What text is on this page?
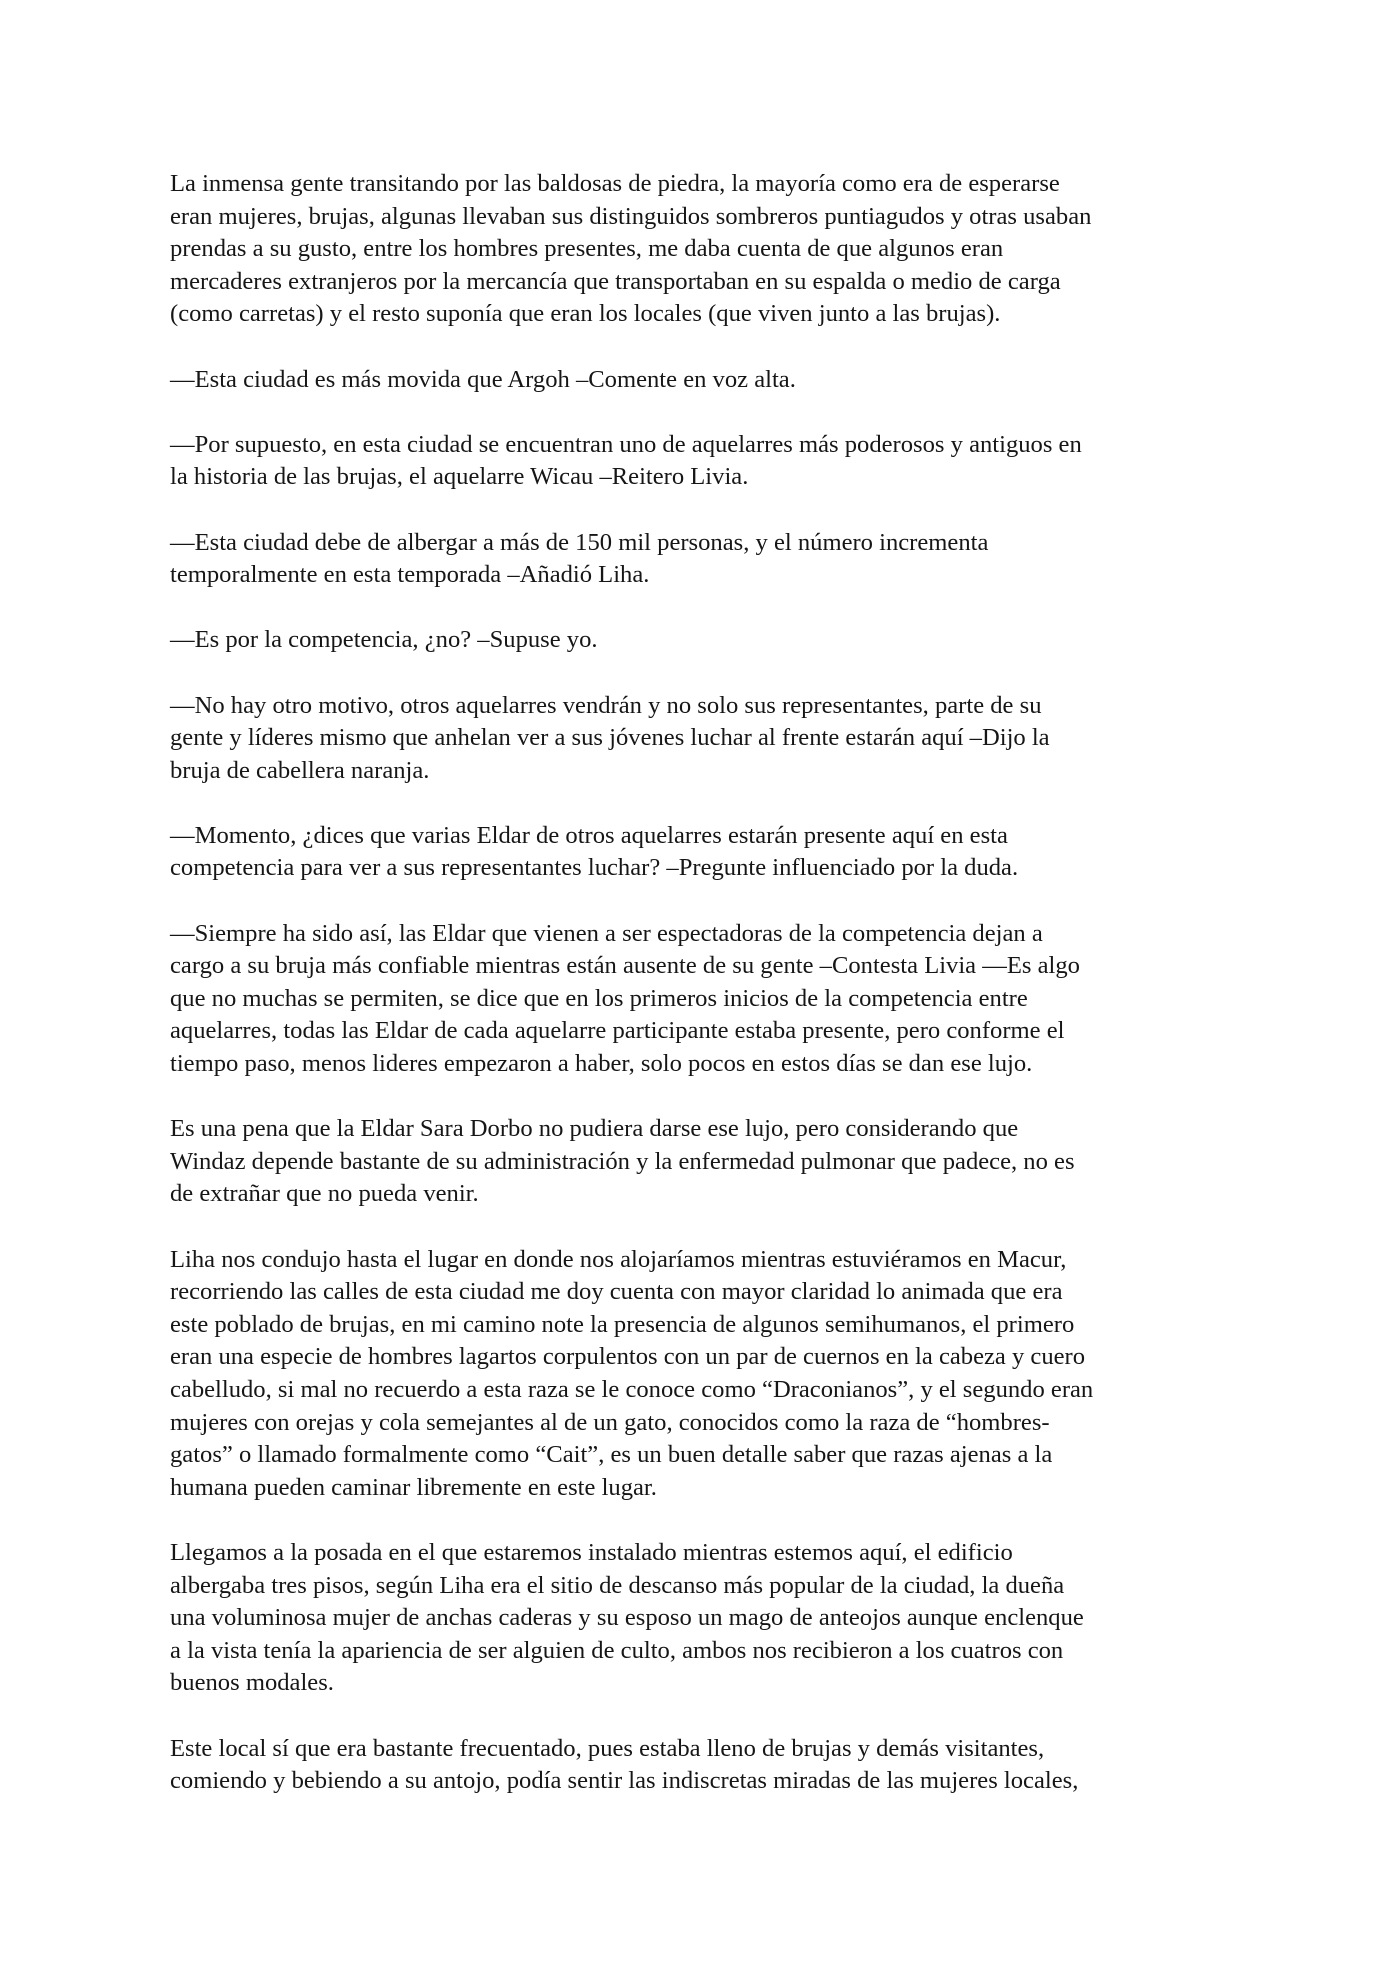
La inmensa gente transitando por las baldosas de piedra, la mayoría como era de esperarse
eran mujeres, brujas, algunas llevaban sus distinguidos sombreros puntiagudos y otras usaban
prendas a su gusto, entre los hombres presentes, me daba cuenta de que algunos eran
mercaderes extranjeros por la mercancía que transportaban en su espalda o medio de carga
(como carretas) y el resto suponía que eran los locales (que viven junto a las brujas).

—Esta ciudad es más movida que Argoh –Comente en voz alta.

—Por supuesto, en esta ciudad se encuentran uno de aquelarres más poderosos y antiguos en
la historia de las brujas, el aquelarre Wicau –Reitero Livia.

—Esta ciudad debe de albergar a más de 150 mil personas, y el número incrementa
temporalmente en esta temporada –Añadió Liha.

—Es por la competencia, ¿no? –Supuse yo.

—No hay otro motivo, otros aquelarres vendrán y no solo sus representantes, parte de su
gente y líderes mismo que anhelan ver a sus jóvenes luchar al frente estarán aquí –Dijo la
bruja de cabellera naranja.

—Momento, ¿dices que varias Eldar de otros aquelarres estarán presente aquí en esta
competencia para ver a sus representantes luchar? –Pregunte influenciado por la duda.

—Siempre ha sido así, las Eldar que vienen a ser espectadoras de la competencia dejan a
cargo a su bruja más confiable mientras están ausente de su gente –Contesta Livia —Es algo
que no muchas se permiten, se dice que en los primeros inicios de la competencia entre
aquelarres, todas las Eldar de cada aquelarre participante estaba presente, pero conforme el
tiempo paso, menos lideres empezaron a haber, solo pocos en estos días se dan ese lujo.

Es una pena que la Eldar Sara Dorbo no pudiera darse ese lujo, pero considerando que
Windaz depende bastante de su administración y la enfermedad pulmonar que padece, no es
de extrañar que no pueda venir.

Liha nos condujo hasta el lugar en donde nos alojaríamos mientras estuviéramos en Macur,
recorriendo las calles de esta ciudad me doy cuenta con mayor claridad lo animada que era
este poblado de brujas, en mi camino note la presencia de algunos semihumanos, el primero
eran una especie de hombres lagartos corpulentos con un par de cuernos en la cabeza y cuero
cabelludo, si mal no recuerdo a esta raza se le conoce como “Draconianos”, y el segundo eran
mujeres con orejas y cola semejantes al de un gato, conocidos como la raza de “hombres-
gatos” o llamado formalmente como “Cait”, es un buen detalle saber que razas ajenas a la
humana pueden caminar libremente en este lugar.

Llegamos a la posada en el que estaremos instalado mientras estemos aquí, el edificio
albergaba tres pisos, según Liha era el sitio de descanso más popular de la ciudad, la dueña
una voluminosa mujer de anchas caderas y su esposo un mago de anteojos aunque enclenque
a la vista tenía la apariencia de ser alguien de culto, ambos nos recibieron a los cuatros con
buenos modales.

Este local sí que era bastante frecuentado, pues estaba lleno de brujas y demás visitantes,
comiendo y bebiendo a su antojo, podía sentir las indiscretas miradas de las mujeres locales,
